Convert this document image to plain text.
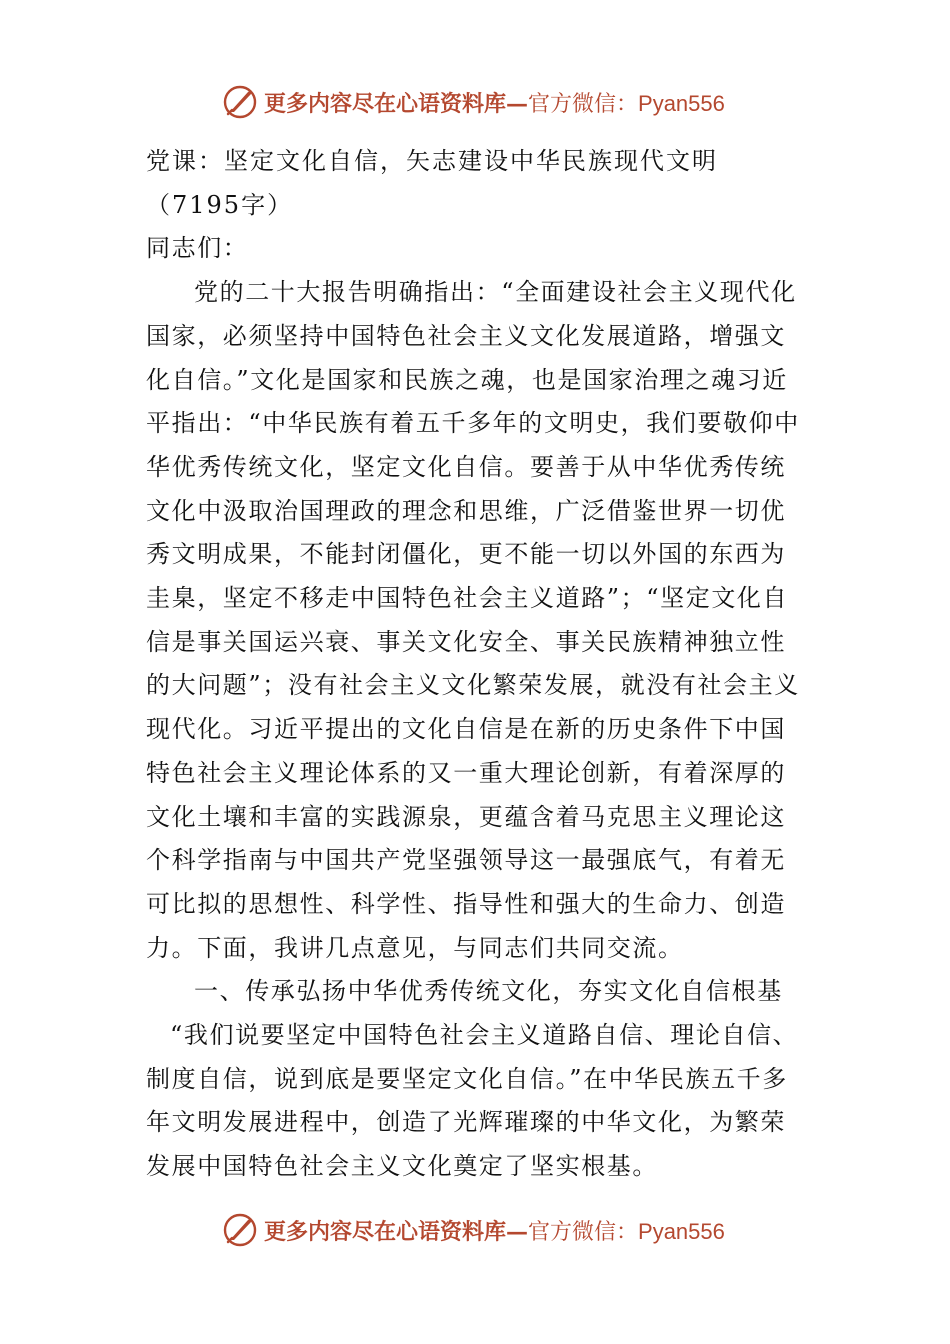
更多内容尽在心语资料库— 官方微信：Pyan556

党课：坚定文化自信，矢志建设中华民族现代文明（7195字）

同志们：

党的二十大报告明确指出：“全面建设社会主义现代化国家，必须坚持中国特色社会主义文化发展道路，增强文化自信。”文化是国家和民族之魂，也是国家治理之魂习近平指出：“中华民族有着五千多年的文明史，我们要敬仰中华优秀传统文化，坚定文化自信。要善于从中华优秀传统文化中汲取治国理政的理念和思维，广泛借鉴世界一切优秀文明成果，不能封闭僵化，更不能一切以外国的东西为圭臬，坚定不移走中国特色社会主义道路”；“坚定文化自信是事关国运兴衰、事关文化安全、事关民族精神独立性的大问题”；没有社会主义文化繁荣发展，就没有社会主义现代化。习近平提出的文化自信是在新的历史条件下中国特色社会主义理论体系的又一重大理论创新，有着深厚的文化土壤和丰富的实践源泉，更蕴含着马克思主义理论这个科学指南与中国共产党坚强领导这一最强底气，有着无可比拟的思想性、科学性、指导性和强大的生命力、创造力。下面，我讲几点意见，与同志们共同交流。

一、传承弘扬中华优秀传统文化，夯实文化自信根基

“我们说要坚定中国特色社会主义道路自信、理论自信、制度自信，说到底是要坚定文化自信。”在中华民族五千多年文明发展进程中，创造了光辉璀璨的中华文化，为繁荣发展中国特色社会主义文化奠定了坚实根基。

更多内容尽在心语资料库— 官方微信：Pyan556
